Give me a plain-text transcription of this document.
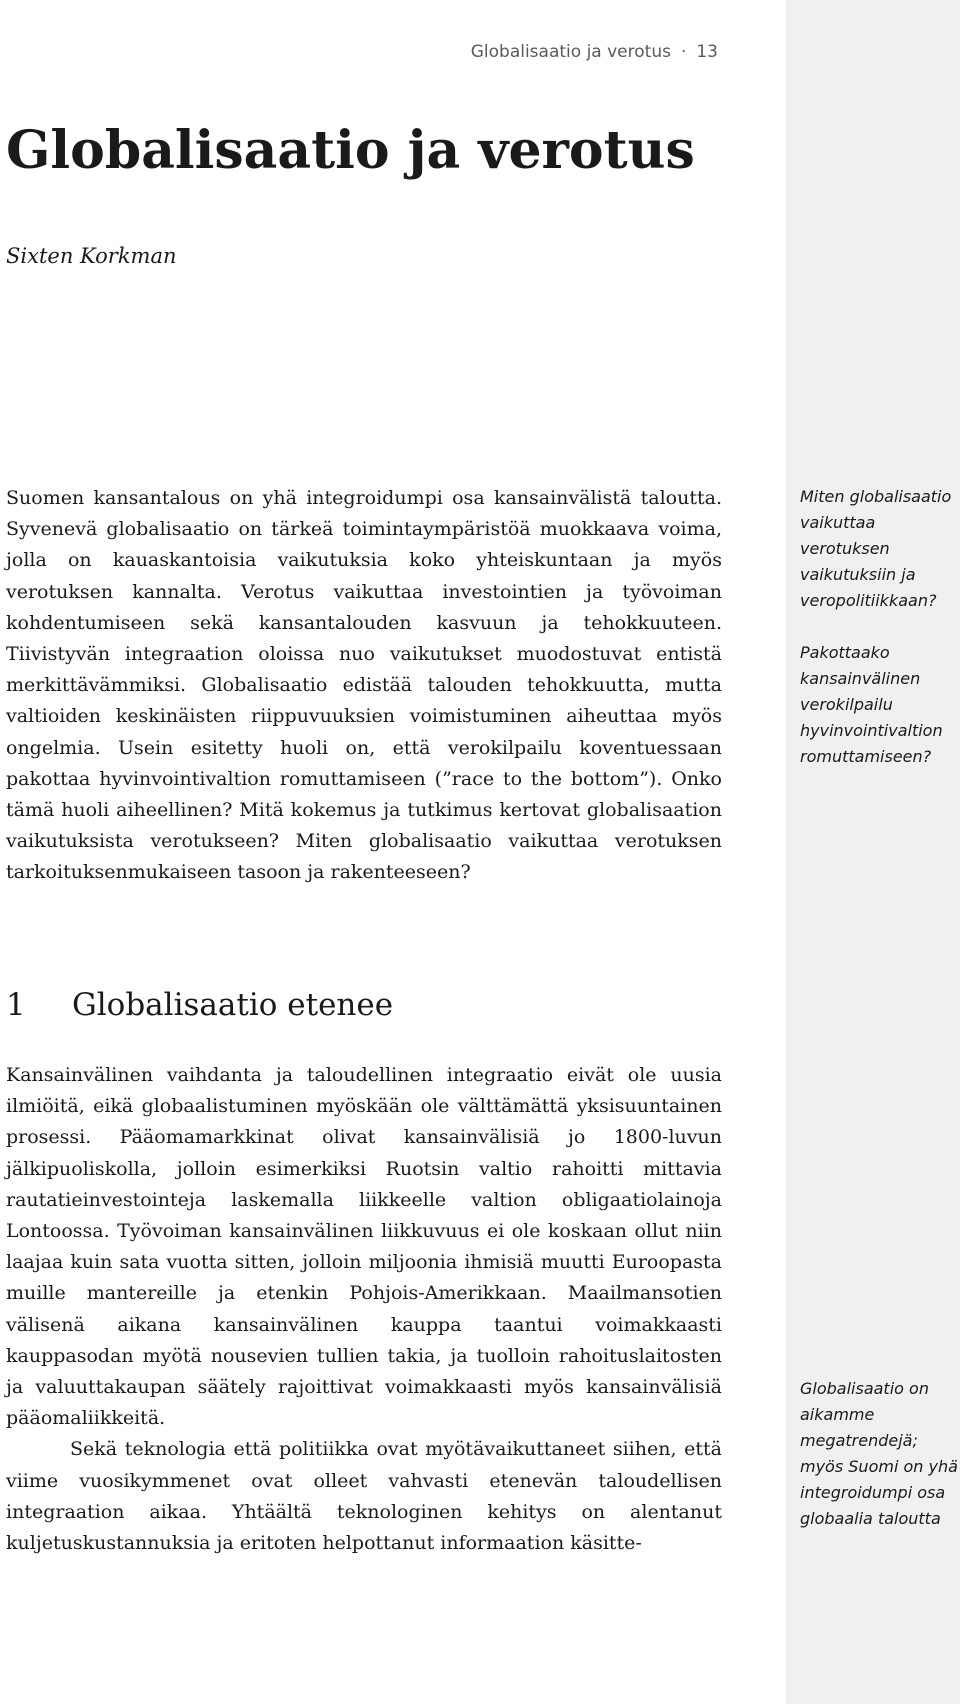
Globalisaatio ja verotus · 13
Globalisaatio ja verotus
Sixten Korkman

Suomen kansantalous on yhä integroidumpi osa kansainvälistä taloutta. Syvenevä globalisaatio on tärkeä toimintaympäristöä muokkaava voima, jolla on kauaskantoisia vaikutuksia koko yhteiskuntaan ja myös verotuksen kannalta. Verotus vaikuttaa investointien ja työvoiman kohdentumiseen sekä kansantalouden kasvuun ja tehokkuuteen. Tiivistyvän integraation oloissa nuo vaikutukset muodostuvat entistä merkittävämmiksi. Globalisaatio edistää talouden tehokkuutta, mutta valtioiden keskinäisten riippuvuuksien voimistuminen aiheuttaa myös ongelmia. Usein esitetty huoli on, että verokilpailu koventuessaan pakottaa hyvinvointivaltion romuttamiseen (”race to the bottom”). Onko tämä huoli aiheellinen? Mitä kokemus ja tutkimus kertovat globalisaation vaikutuksista verotukseen? Miten globalisaatio vaikuttaa verotuksen tarkoituksenmukaiseen tasoon ja rakenteeseen?

1 Globalisaatio etenee

Kansainvälinen vaihdanta ja taloudellinen integraatio eivät ole uusia ilmiöitä, eikä globaalistuminen myöskään ole välttämättä yksisuuntainen prosessi. Pääomamarkkinat olivat kansainvälisiä jo 1800-luvun jälkipuoliskolla, jolloin esimerkiksi Ruotsin valtio rahoitti mittavia rautatieinvestointeja laskemalla liikkeelle valtion obligaatiolainoja Lontoossa. Työvoiman kansainvälinen liikkuvuus ei ole koskaan ollut niin laajaa kuin sata vuotta sitten, jolloin miljoonia ihmisiä muutti Euroopasta muille mantereille ja etenkin Pohjois-Amerikkaan. Maailmansotien välisenä aikana kansainvälinen kauppa taantui voimakkaasti kauppasodan myötä nousevien tullien takia, ja tuolloin rahoituslaitosten ja valuuttakaupan säätely rajoittivat voimakkaasti myös kansainvälisiä pääomaliikkeitä.

Sekä teknologia että politiikka ovat myötävaikuttaneet siihen, että viime vuosikymmenet ovat olleet vahvasti etenevän taloudellisen integraation aikaa. Yhtäältä teknologinen kehitys on alentanut kuljetuskustannuksia ja eritoten helpottanut informaation käsitte-

Miten globalisaatio vaikuttaa verotuksen vaikutuksiin ja veropolitiikkaan?

Pakottaako kansainvälinen verokilpailu hyvinvointivaltion romuttamiseen?

Globalisaatio on aikamme megatrendejä; myös Suomi on yhä integroidumpi osa globaalia taloutta
